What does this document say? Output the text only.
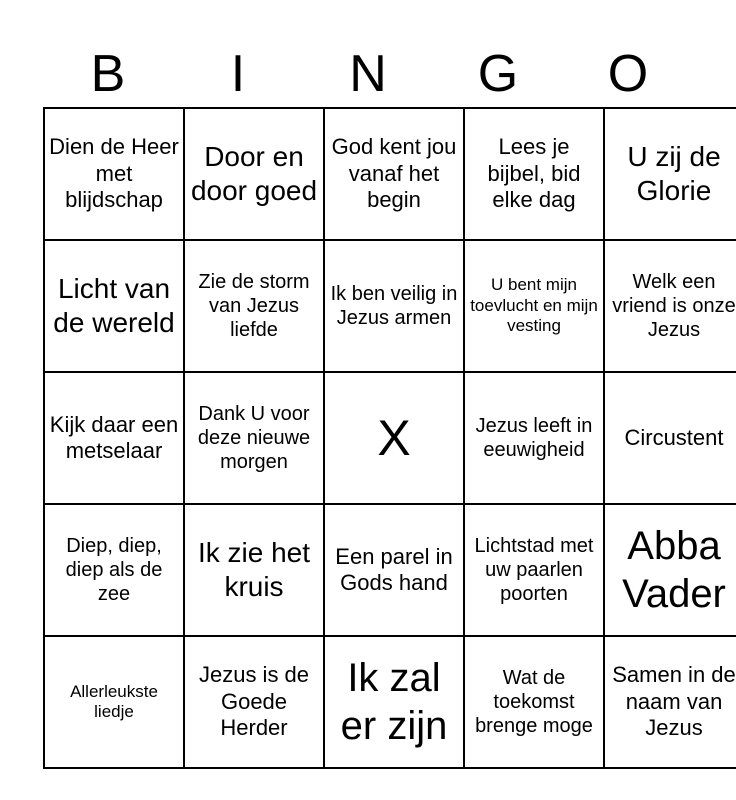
B	I	N	G	O
Dien de Heer met blijdschap	Door en door goed	God kent jou vanaf het begin	Lees je bijbel, bid elke dag	U zij de Glorie
Licht van de wereld	Zie de storm van Jezus liefde	Ik ben veilig in Jezus armen	U bent mijn toevlucht en mijn vesting	Welk een vriend is onze Jezus
Kijk daar een metselaar	Dank U voor deze nieuwe morgen	X	Jezus leeft in eeuwigheid	Circustent
Diep, diep, diep als de zee	Ik zie het kruis	Een parel in Gods hand	Lichtstad met uw paarlen poorten	Abba Vader
Allerleukste liedje	Jezus is de Goede Herder	Ik zal er zijn	Wat de toekomst brenge moge	Samen in de naam van Jezus
